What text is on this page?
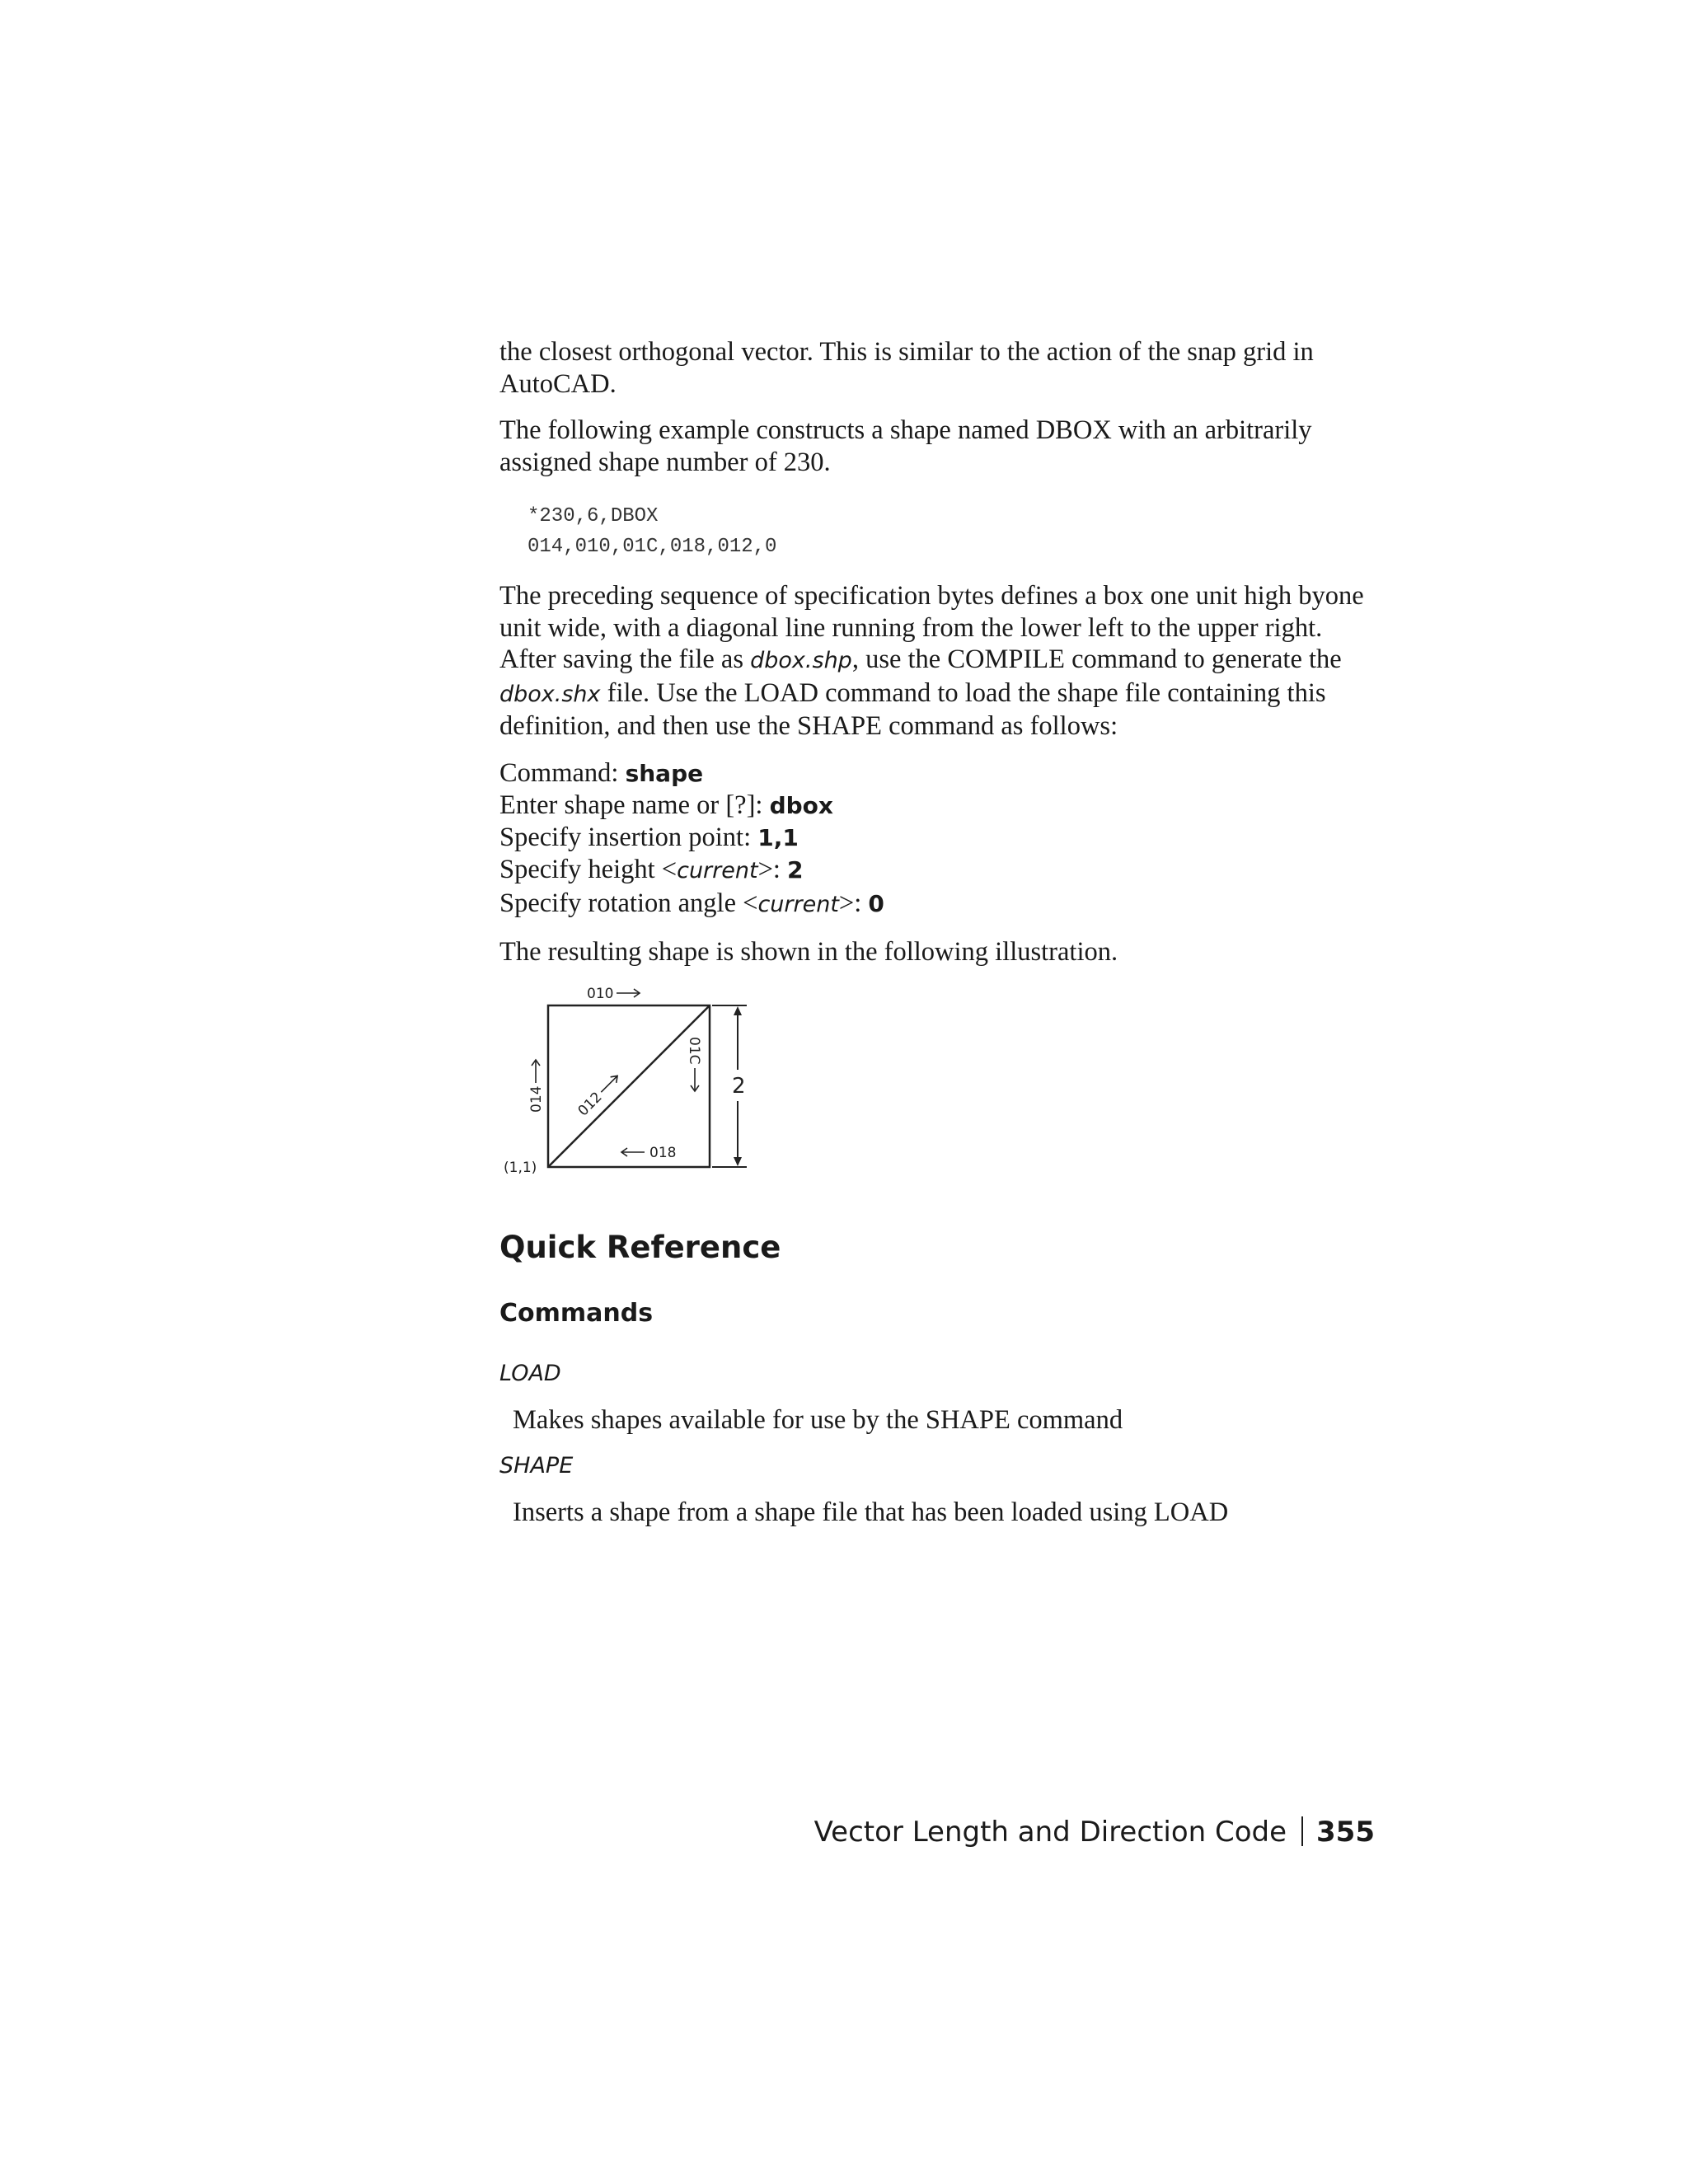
the closest orthogonal vector. This is similar to the action of the snap grid in AutoCAD.

The following example constructs a shape named DBOX with an arbitrarily assigned shape number of 230.

*230,6,DBOX
014,010,01C,018,012,0

The preceding sequence of specification bytes defines a box one unit high byone unit wide, with a diagonal line running from the lower left to the upper right. After saving the file as dbox.shp, use the COMPILE command to generate the dbox.shx file. Use the LOAD command to load the shape file containing this definition, and then use the SHAPE command as follows:

Command: shape
Enter shape name or [?]: dbox
Specify insertion point: 1,1
Specify height <current>: 2
Specify rotation angle <current>: 0

The resulting shape is shown in the following illustration.

2
010
014 012
01C
018
(1,1)
Quick Reference
Commands
LOAD
Makes shapes available for use by the SHAPE command
SHAPE
Inserts a shape from a shape file that has been loaded using LOAD
Vector Length and Direction Code 355
